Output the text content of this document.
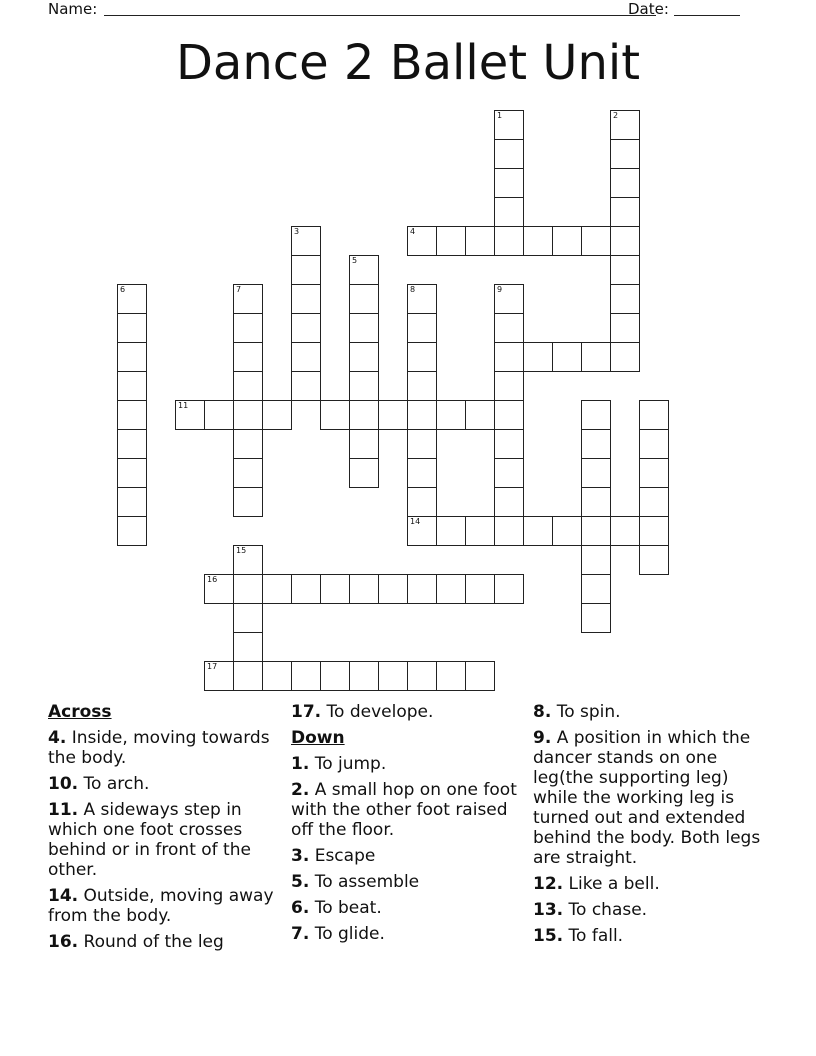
Name:	Date:
Dance 2 Ballet Unit
1	2
4
3
5
6	7	8
14
9
11
15
16
17
Across
4. Inside, moving towards the body.
10. To arch.
11. A sideways step in which one foot crosses behind or in front of the other.
14. Outside, moving away from the body.
16. Round of the leg
17. To develope.
Down
1. To jump.
2. A small hop on one foot with the other foot raised off the floor.
3. Escape
5. To assemble
6. To beat.
7. To glide.
8. To spin.
9. A position in which the dancer stands on one leg(the supporting leg) while the working leg is turned out and extended behind the body. Both legs are straight.
12. Like a bell.
13. To chase.
15. To fall.
